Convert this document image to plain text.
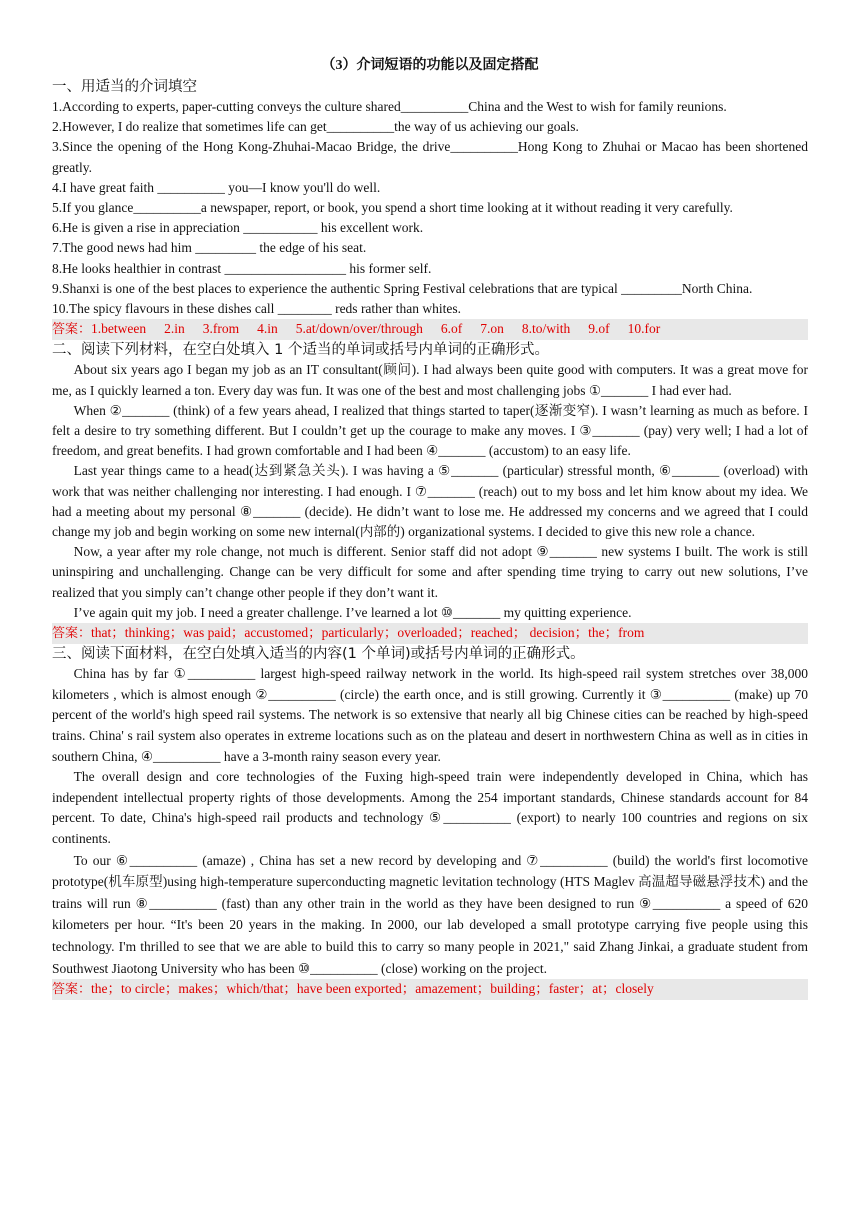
（3）介词短语的功能以及固定搭配

一、用适当的介词填空

1.According to experts, paper-cutting conveys the culture shared__________China and the West to wish for family reunions.

2.However, I do realize that sometimes life can get__________the way of us achieving our goals.

3.Since the opening of the Hong Kong-Zhuhai-Macao Bridge, the drive__________Hong Kong to Zhuhai or Macao has been shortened greatly.

4.I have great faith __________ you—I know you'll do well.

5.If you glance__________a newspaper, report, or book, you spend a short time looking at it without reading it very carefully.

6.He is given a rise in appreciation ___________ his excellent work.

7.The good news had him _________ the edge of his seat.

8.He looks healthier in contrast __________________ his former self.

9.Shanxi is one of the best places to experience the authentic Spring Festival celebrations that are typical _________North China.

10.The spicy flavours in these dishes call ________ reds rather than whites.

答案：1.between 2.in 3.from 4.in 5.at/down/over/through 6.of 7.on 8.to/with 9.of 10.for

二、阅读下列材料，在空白处填入 1 个适当的单词或括号内单词的正确形式。

About six years ago I began my job as an IT consultant(顾问). I had always been quite good with computers. It was a great move for me, as I quickly learned a ton. Every day was fun. It was one of the best and most challenging jobs ①_______ I had ever had.

When ②_______ (think) of a few years ahead, I realized that things started to taper(逐渐变窄). I wasn’t learning as much as before. I felt a desire to try something different. But I couldn’t get up the courage to make any moves. I ③_______ (pay) very well; I had a lot of freedom, and great benefits. I had grown comfortable and I had been ④_______ (accustom) to an easy life.

Last year things came to a head(达到紧急关头). I was having a ⑤_______ (particular) stressful month, ⑥_______ (overload) with work that was neither challenging nor interesting. I had enough. I ⑦_______ (reach) out to my boss and let him know about my idea. We had a meeting about my personal ⑧_______ (decide). He didn’t want to lose me. He addressed my concerns and we agreed that I could change my job and begin working on some new internal(内部的) organizational systems. I decided to give this new role a chance.

Now, a year after my role change, not much is different. Senior staff did not adopt ⑨_______ new systems I built. The work is still uninspiring and unchallenging. Change can be very difficult for some and after spending time trying to carry out new solutions, I’ve realized that you simply can’t change other people if they don’t want it.

I’ve again quit my job. I need a greater challenge. I’ve learned a lot ⑩_______ my quitting experience.

答案：that；thinking；was paid；accustomed；particularly；overloaded；reached； decision；the；from

三、阅读下面材料，在空白处填入适当的内容(1 个单词)或括号内单词的正确形式。

China has by far ①__________ largest high-speed railway network in the world. Its high-speed rail system stretches over 38,000 kilometers , which is almost enough ②__________ (circle) the earth once, and is still growing. Currently it ③__________ (make) up 70 percent of the world's high speed rail systems. The network is so extensive that nearly all big Chinese cities can be reached by high-speed trains. China' s rail system also operates in extreme locations such as on the plateau and desert in northwestern China as well as in cities in southern China, ④__________ have a 3-month rainy season every year.

The overall design and core technologies of the Fuxing high-speed train were independently developed in China, which has independent intellectual property rights of those developments. Among the 254 important standards, Chinese standards account for 84 percent. To date, China's high-speed rail products and technology ⑤__________ (export) to nearly 100 countries and regions on six continents.

To our ⑥__________ (amaze) , China has set a new record by developing and ⑦__________ (build) the world's first locomotive prototype(机车原型)using high-temperature superconducting magnetic levitation technology (HTS Maglev 高温超导磁悬浮技术) and the trains will run ⑧__________ (fast) than any other train in the world as they have been designed to run ⑨__________ a speed of 620 kilometers per hour. “It's been 20 years in the making. In 2000, our lab developed a small prototype carrying five people using this technology. I'm thrilled to see that we are able to build this to carry so many people in 2021," said Zhang Jinkai, a graduate student from Southwest Jiaotong University who has been ⑩__________ (close) working on the project.

答案：the；to circle；makes；which/that；have been exported；amazement；building；faster；at；closely
